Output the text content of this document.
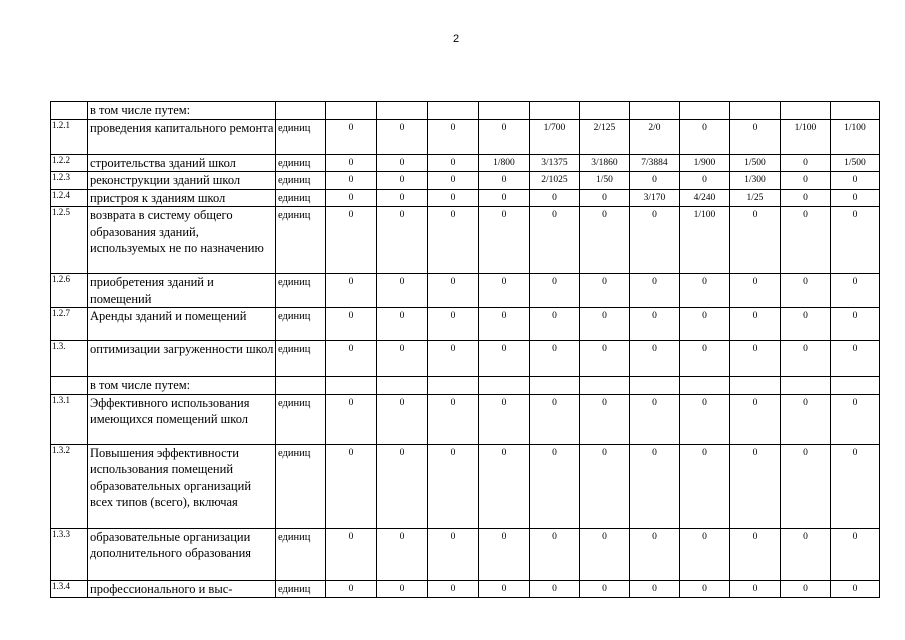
2
	в том числе путем:												
1.2.1	проведения капитального ремонта	единиц	0	0	0	0	1/700	2/125	2/0	0	0	1/100	1/100
1.2.2	строительства зданий школ	единиц	0	0	0	1/800	3/1375	3/1860	7/3884	1/900	1/500	0	1/500
1.2.3	реконструкции зданий школ	единиц	0	0	0	0	2/1025	1/50	0	0	1/300	0	0
1.2.4	пристроя к зданиям школ	единиц	0	0	0	0	0	0	3/170	4/240	1/25	0	0
1.2.5	возврата в систему общего образования зданий, используемых не по назначению	единиц	0	0	0	0	0	0	0	1/100	0	0	0
1.2.6	приобретения зданий и помещений	единиц	0	0	0	0	0	0	0	0	0	0	0
1.2.7	Аренды зданий и помещений	единиц	0	0	0	0	0	0	0	0	0	0	0
1.3.	оптимизации загруженности школ	единиц	0	0	0	0	0	0	0	0	0	0	0
	в том числе путем:												
1.3.1	Эффективного использования имеющихся помещений школ	единиц	0	0	0	0	0	0	0	0	0	0	0
1.3.2	Повышения эффективности использования помещений образовательных организаций всех типов (всего), включая	единиц	0	0	0	0	0	0	0	0	0	0	0
1.3.3	образовательные организации дополнительного образования	единиц	0	0	0	0	0	0	0	0	0	0	0
1.3.4	профессионального и выс-	единиц	0	0	0	0	0	0	0	0	0	0	0
